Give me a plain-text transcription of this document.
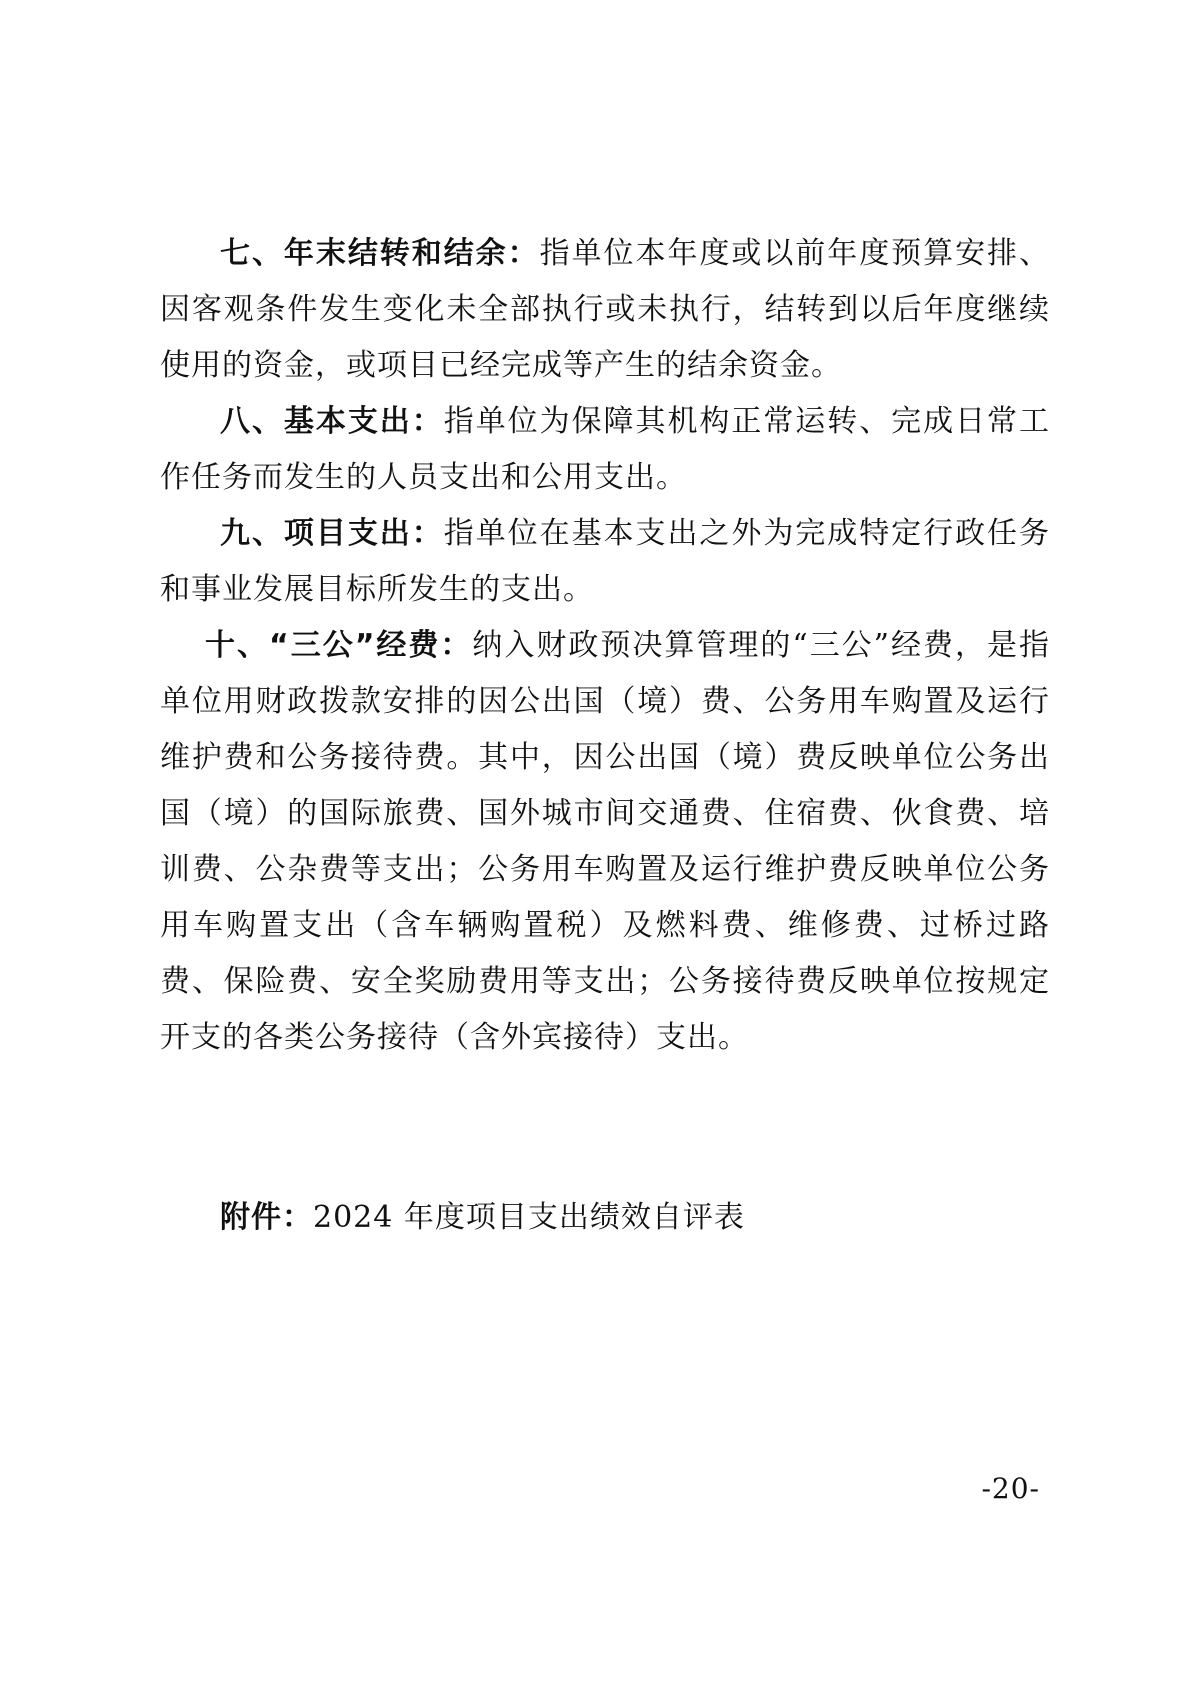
七、年末结转和结余：指单位本年度或以前年度预算安排、因客观条件发生变化未全部执行或未执行，结转到以后年度继续使用的资金，或项目已经完成等产生的结余资金。

八、基本支出：指单位为保障其机构正常运转、完成日常工作任务而发生的人员支出和公用支出。

九、项目支出：指单位在基本支出之外为完成特定行政任务和事业发展目标所发生的支出。

十、“三公”经费：纳入财政预决算管理的“三公”经费，是指单位用财政拨款安排的因公出国（境）费、公务用车购置及运行维护费和公务接待费。其中，因公出国（境）费反映单位公务出国（境）的国际旅费、国外城市间交通费、住宿费、伙食费、培训费、公杂费等支出；公务用车购置及运行维护费反映单位公务用车购置支出（含车辆购置税）及燃料费、维修费、过桥过路费、保险费、安全奖励费用等支出；公务接待费反映单位按规定开支的各类公务接待（含外宾接待）支出。

附件：2024 年度项目支出绩效自评表
-20-
